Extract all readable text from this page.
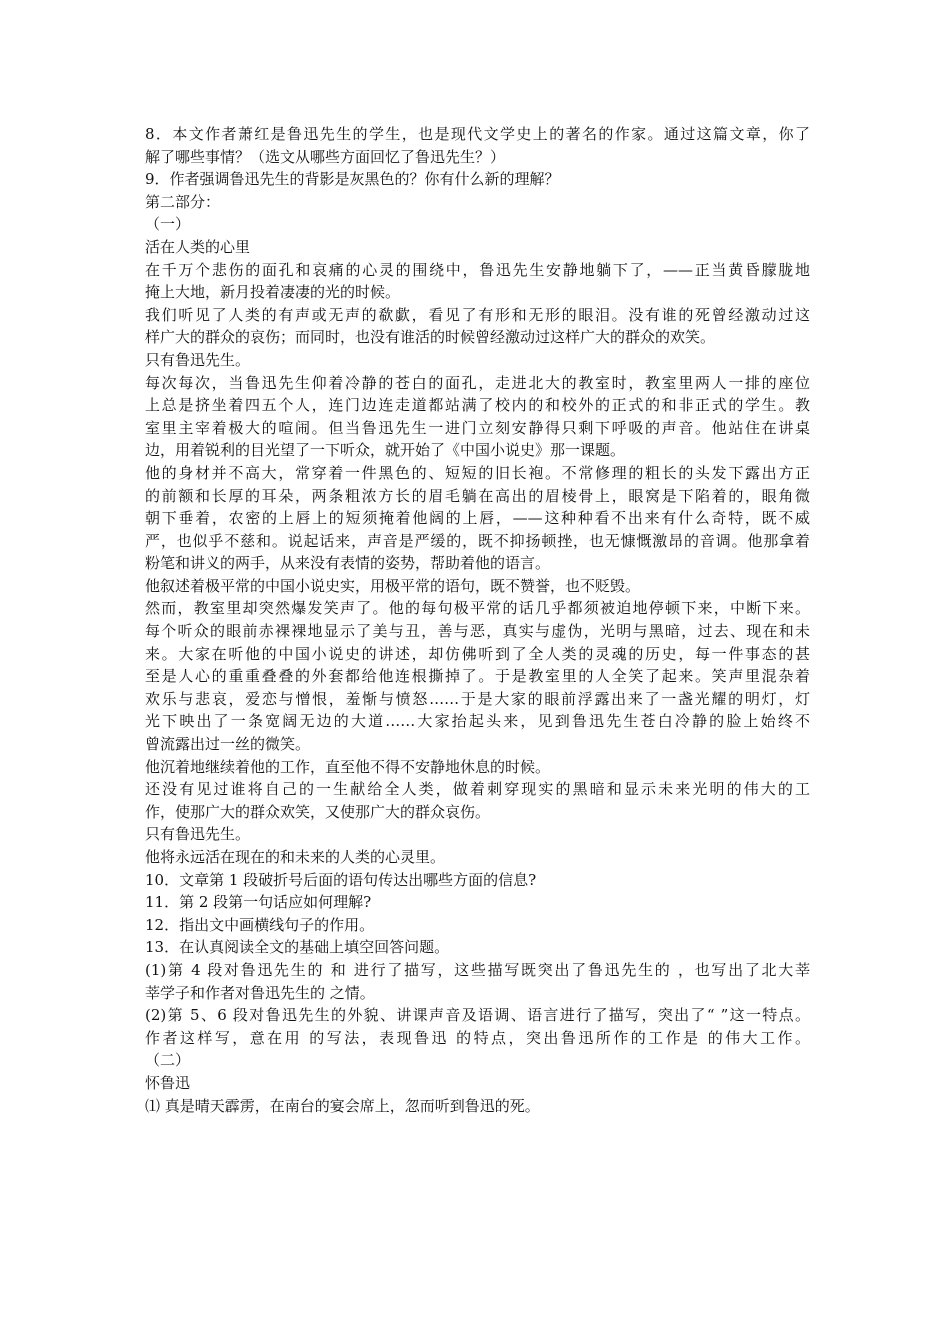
8．本文作者萧红是鲁迅先生的学生，也是现代文学史上的著名的作家。通过这篇文章，你了
解了哪些事情？（选文从哪些方面回忆了鲁迅先生？）
9．作者强调鲁迅先生的背影是灰黑色的？你有什么新的理解？
第二部分：
（一）
活在人类的心里
在千万个悲伤的面孔和哀痛的心灵的围绕中，鲁迅先生安静地躺下了，——正当黄昏朦胧地
掩上大地，新月投着凄凄的光的时候。
我们听见了人类的有声或无声的欷歔，看见了有形和无形的眼泪。没有谁的死曾经激动过这
样广大的群众的哀伤；而同时，也没有谁活的时候曾经激动过这样广大的群众的欢笑。
只有鲁迅先生。
每次每次，当鲁迅先生仰着冷静的苍白的面孔，走进北大的教室时，教室里两人一排的座位
上总是挤坐着四五个人，连门边连走道都站满了校内的和校外的正式的和非正式的学生。教
室里主宰着极大的喧闹。但当鲁迅先生一进门立刻安静得只剩下呼吸的声音。他站住在讲桌
边，用着锐利的目光望了一下听众，就开始了《中国小说史》那一课题。
他的身材并不高大，常穿着一件黑色的、短短的旧长袍。不常修理的粗长的头发下露出方正
的前额和长厚的耳朵，两条粗浓方长的眉毛躺在高出的眉棱骨上，眼窝是下陷着的，眼角微
朝下垂着，农密的上唇上的短须掩着他阔的上唇，——这种种看不出来有什么奇特，既不威
严，也似乎不慈和。说起话来，声音是严缓的，既不抑扬顿挫，也无慷慨激昂的音调。他那拿着
粉笔和讲义的两手，从来没有表情的姿势，帮助着他的语言。
他叙述着极平常的中国小说史实，用极平常的语句，既不赞誉，也不贬毁。
然而，教室里却突然爆发笑声了。他的每句极平常的话几乎都须被迫地停顿下来，中断下来。
每个听众的眼前赤裸裸地显示了美与丑，善与恶，真实与虚伪，光明与黑暗，过去、现在和未
来。大家在听他的中国小说史的讲述，却仿佛听到了全人类的灵魂的历史，每一件事态的甚
至是人心的重重叠叠的外套都给他连根撕掉了。于是教室里的人全笑了起来。笑声里混杂着
欢乐与悲哀，爱恋与憎恨，羞惭与愤怒……于是大家的眼前浮露出来了一盏光耀的明灯，灯
光下映出了一条宽阔无边的大道……大家抬起头来，见到鲁迅先生苍白冷静的脸上始终不
曾流露出过一丝的微笑。
他沉着地继续着他的工作，直至他不得不安静地休息的时候。
还没有见过谁将自己的一生献给全人类，做着刺穿现实的黑暗和显示未来光明的伟大的工
作，使那广大的群众欢笑，又使那广大的群众哀伤。
只有鲁迅先生。
他将永远活在现在的和未来的人类的心灵里。
10．文章第 1 段破折号后面的语句传达出哪些方面的信息?
11．第 2 段第一句话应如何理解?
12．指出文中画横线句子的作用。
13．在认真阅读全文的基础上填空回答问题。
(1)第 4 段对鲁迅先生的 和 进行了描写，这些描写既突出了鲁迅先生的 ，也写出了北大莘
莘学子和作者对鲁迅先生的 之情。
(2)第 5、6 段对鲁迅先生的外貌、讲课声音及语调、语言进行了描写，突出了“ ”这一特点。
作者这样写，意在用 的写法，表现鲁迅 的特点，突出鲁迅所作的工作是 的伟大工作。
（二）
怀鲁迅
⑴ 真是晴天霹雳，在南台的宴会席上，忽而听到鲁迅的死。
